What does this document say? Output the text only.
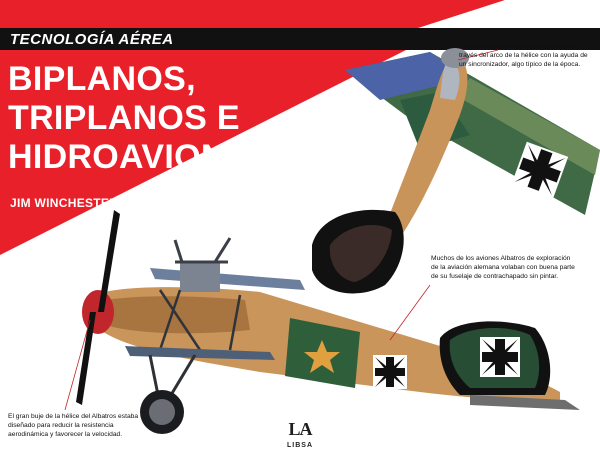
TECNOLOGÍA AÉREA
BIPLANOS,
TRIPLANOS E
HIDROAVIONES
JIM WINCHESTER
La ametralladora del avión disparaba a través del arco de la hélice con la ayuda de un sincronizador, algo típico de la época.
Muchos de los aviones Albatros de exploración de la aviación alemana volaban con buena parte de su fuselaje de contrachapado sin pintar.
El gran buje de la hélice del Albatros estaba diseñado para reducir la resistencia aerodinámica y favorecer la velocidad.	LA
LIBSA
